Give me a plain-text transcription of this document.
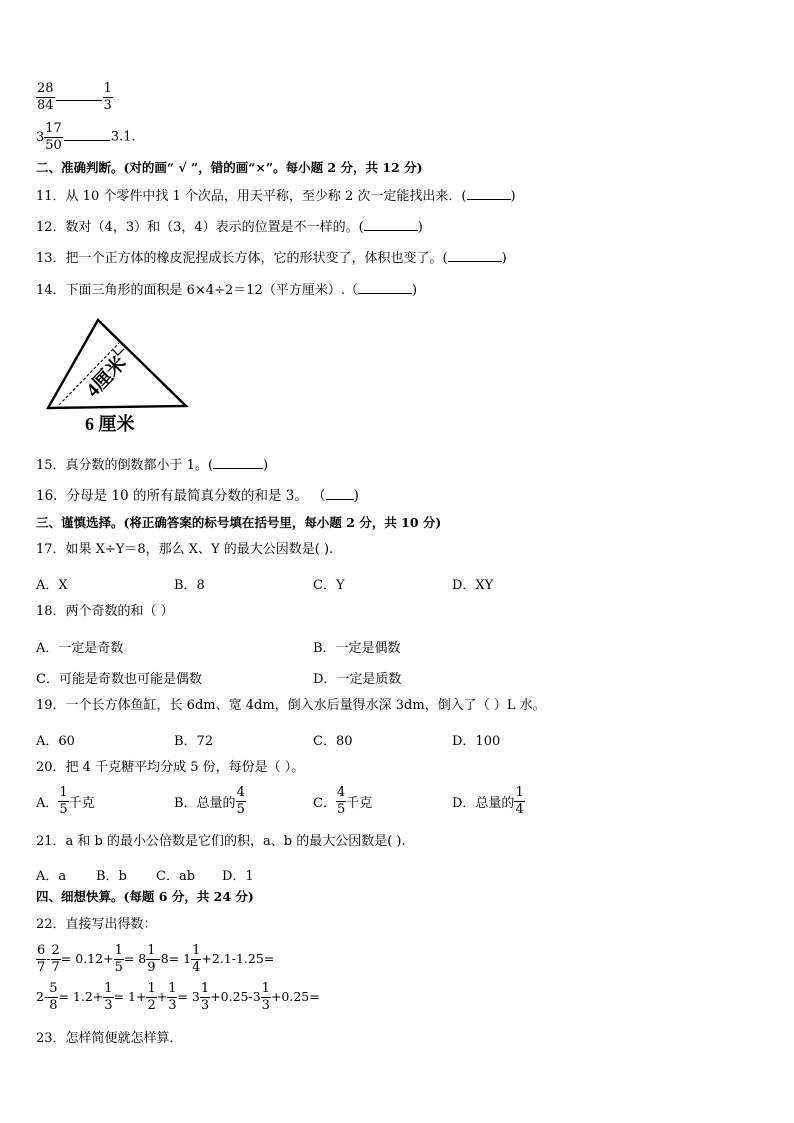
$\frac{28}{84}$	$\frac{1}{3}$
$3 \frac{17}{50}$	3.1.
二、准确判断。(对的画“ √ ”，错的画“×”。每小题 2 分，共 12 分)
11．从 10 个零件中找 1 个次品，用天平称，至少称 2 次一定能找出来．(	)
12．数对（4，3）和（3，4）表示的位置是不一样的。(	)
13．把一个正方体的橡皮泥捏成长方体，它的形状变了，体积也变了。(	)
14．下面三角形的面积是 6×4÷2＝12（平方厘米）.（	)
4厘米
6 厘米
15．真分数的倒数都小于 1。(	)
16．分母是 10 的所有最简真分数的和是 3。 （ )
三、谨慎选择。(将正确答案的标号填在括号里，每小题 2 分，共 10 分)
17．如果 X÷Y＝8，那么 X、Y 的最大公因数是( ).
A．X	B．8	C．Y	D．XY
18．两个奇数的和（ ）
A．一定是奇数	B．一定是偶数
C．可能是奇数也可能是偶数	D．一定是质数
19．一个长方体鱼缸，长 6dm、宽 4dm，倒入水后量得水深 3dm，倒入了（ ）L 水。
A．60	B．72	C．80	D．100
20．把 4 千克糖平均分成 5 份，每份是（ ）。
A． $\frac{1}{5}$ 千克	B．总量的 $\frac{4}{5}$	C． $\frac{4}{5}$ 千克	D．总量的 $\frac{1}{4}$
21．a 和 b 的最小公倍数是它们的积，a、b 的最大公因数是( ).
A．a B．b C．ab D．1
四、细想快算。(每题 6 分，共 24 分)
22．直接写出得数：
$\frac{6}{7} - \frac{2}{7} = 0.12+ \frac{1}{5} = 8 \frac{1}{9} -8= 1 \frac{1}{4} +2.1-1.25=$
$2- \frac{5}{8} = 1.2+ \frac{1}{3} = 1+ \frac{1}{2} + \frac{1}{3} = 3 \frac{1}{3} +0.25-3 \frac{1}{3} +0.25=$
23．怎样简便就怎样算．
